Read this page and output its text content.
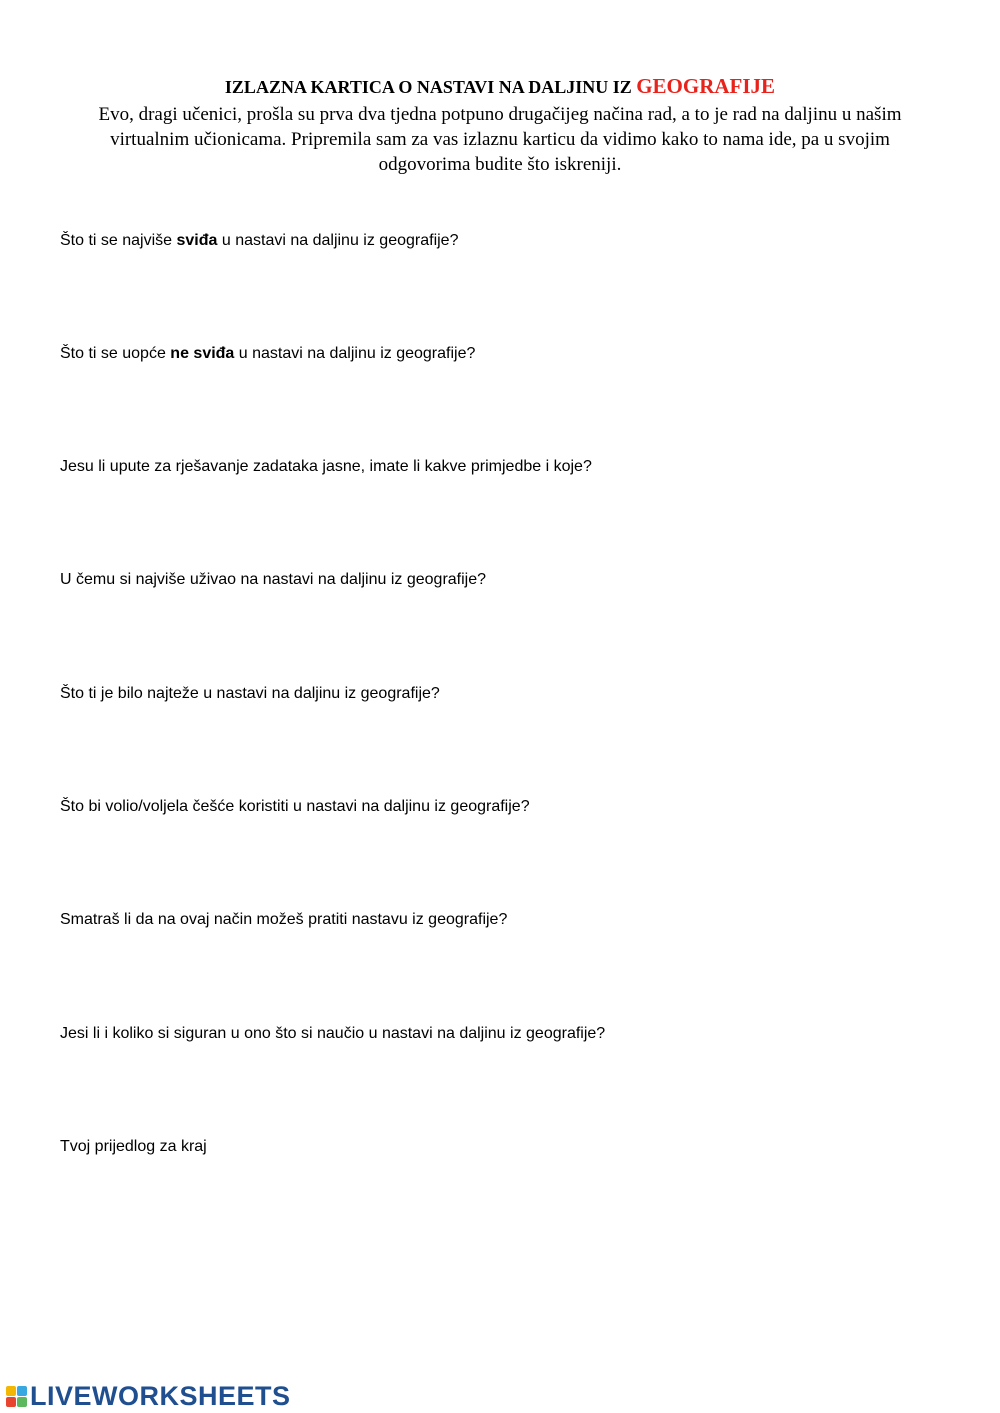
IZLAZNA KARTICA O NASTAVI NA DALJINU IZ GEOGRAFIJE

Evo, dragi učenici, prošla su prva dva tjedna potpuno drugačijeg načina rad, a to je rad na daljinu u našim virtualnim učionicama. Pripremila sam za vas izlaznu karticu da vidimo kako to nama ide, pa u svojim odgovorima budite što iskreniji.

Što ti se najviše sviđa u nastavi na daljinu iz geografije?

Što ti se uopće ne sviđa u nastavi na daljinu iz geografije?

Jesu li upute za rješavanje zadataka jasne, imate li kakve primjedbe i koje?

U čemu si najviše uživao na nastavi na daljinu iz geografije?

Što ti je bilo najteže u nastavi na daljinu iz geografije?

Što bi volio/voljela češće koristiti u nastavi na daljinu iz geografije?

Smatraš li da na ovaj način možeš pratiti nastavu iz geografije?

Jesi li i koliko si siguran u ono što si naučio u nastavi na daljinu iz geografije?

Tvoj prijedlog za kraj

LIVEWORKSHEETS
